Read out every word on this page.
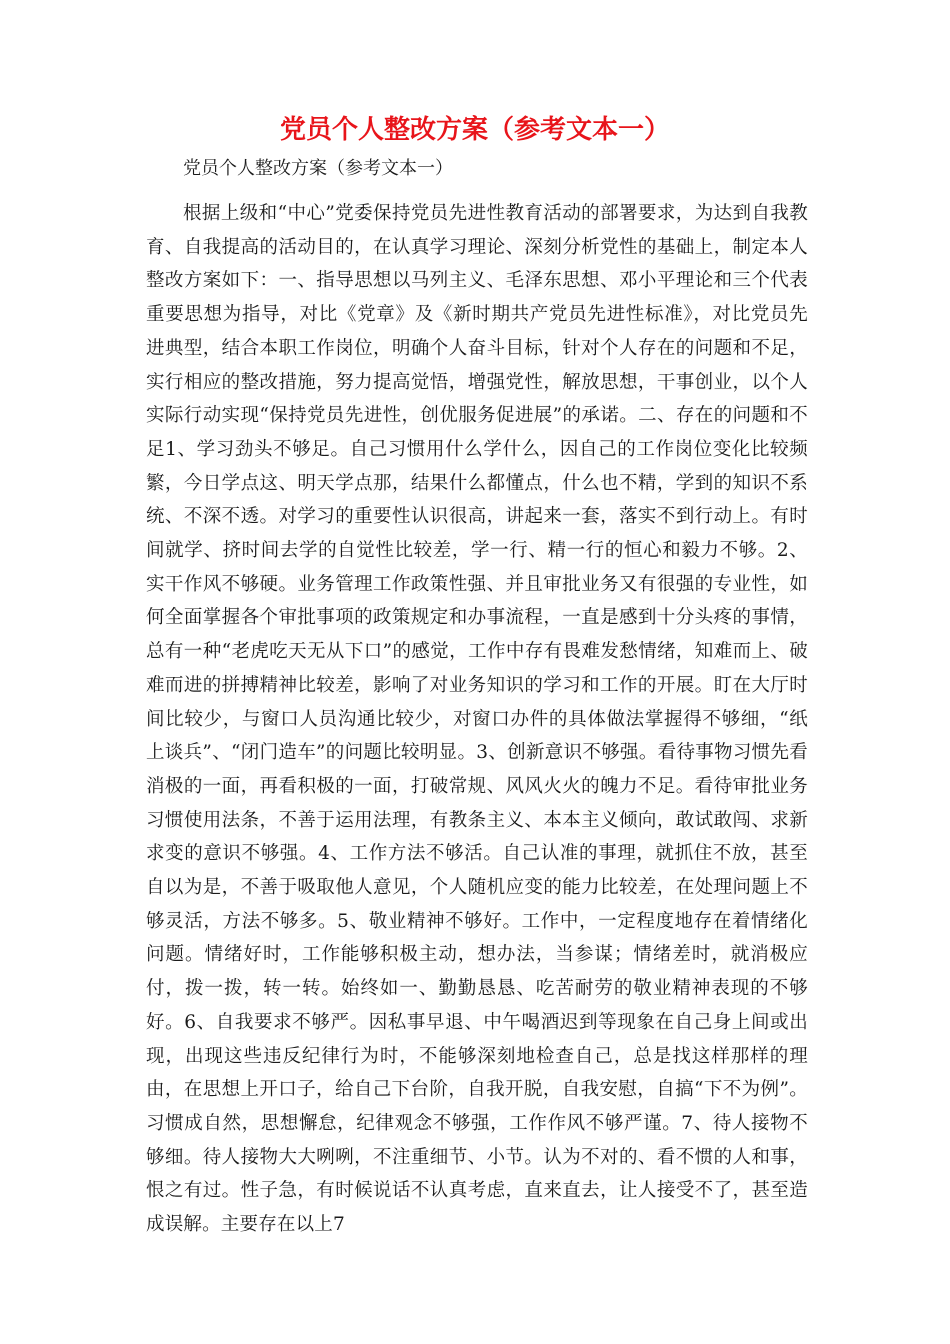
党员个人整改方案（参考文本一）

党员个人整改方案（参考文本一）

根据上级和“中心”党委保持党员先进性教育活动的部署要求，为达到自我教育、自我提高的活动目的，在认真学习理论、深刻分析党性的基础上，制定本人整改方案如下：一、指导思想以马列主义、毛泽东思想、邓小平理论和三个代表重要思想为指导，对比《党章》及《新时期共产党员先进性标准》，对比党员先进典型，结合本职工作岗位，明确个人奋斗目标，针对个人存在的问题和不足，实行相应的整改措施，努力提高觉悟，增强党性，解放思想，干事创业，以个人实际行动实现“保持党员先进性，创优服务促进展”的承诺。二、存在的问题和不足1、学习劲头不够足。自己习惯用什么学什么，因自己的工作岗位变化比较频繁，今日学点这、明天学点那，结果什么都懂点，什么也不精，学到的知识不系统、不深不透。对学习的重要性认识很高，讲起来一套，落实不到行动上。有时间就学、挤时间去学的自觉性比较差，学一行、精一行的恒心和毅力不够。2、实干作风不够硬。业务管理工作政策性强、并且审批业务又有很强的专业性，如何全面掌握各个审批事项的政策规定和办事流程，一直是感到十分头疼的事情，总有一种“老虎吃天无从下口”的感觉，工作中存有畏难发愁情绪，知难而上、破难而进的拼搏精神比较差，影响了对业务知识的学习和工作的开展。盯在大厅时间比较少，与窗口人员沟通比较少，对窗口办件的具体做法掌握得不够细，“纸上谈兵”、“闭门造车”的问题比较明显。3、创新意识不够强。看待事物习惯先看消极的一面，再看积极的一面，打破常规、风风火火的魄力不足。看待审批业务习惯使用法条，不善于运用法理，有教条主义、本本主义倾向，敢试敢闯、求新求变的意识不够强。4、工作方法不够活。自己认准的事理，就抓住不放，甚至自以为是，不善于吸取他人意见，个人随机应变的能力比较差，在处理问题上不够灵活，方法不够多。5、敬业精神不够好。工作中，一定程度地存在着情绪化问题。情绪好时，工作能够积极主动，想办法，当参谋；情绪差时，就消极应付，拨一拨，转一转。始终如一、勤勤恳恳、吃苦耐劳的敬业精神表现的不够好。6、自我要求不够严。因私事早退、中午喝酒迟到等现象在自己身上间或出现，出现这些违反纪律行为时，不能够深刻地检查自己，总是找这样那样的理由，在思想上开口子，给自己下台阶，自我开脱，自我安慰，自搞“下不为例”。习惯成自然，思想懈怠，纪律观念不够强，工作作风不够严谨。7、待人接物不够细。待人接物大大咧咧，不注重细节、小节。认为不对的、看不惯的人和事，恨之有过。性子急，有时候说话不认真考虑，直来直去，让人接受不了，甚至造成误解。主要存在以上7
